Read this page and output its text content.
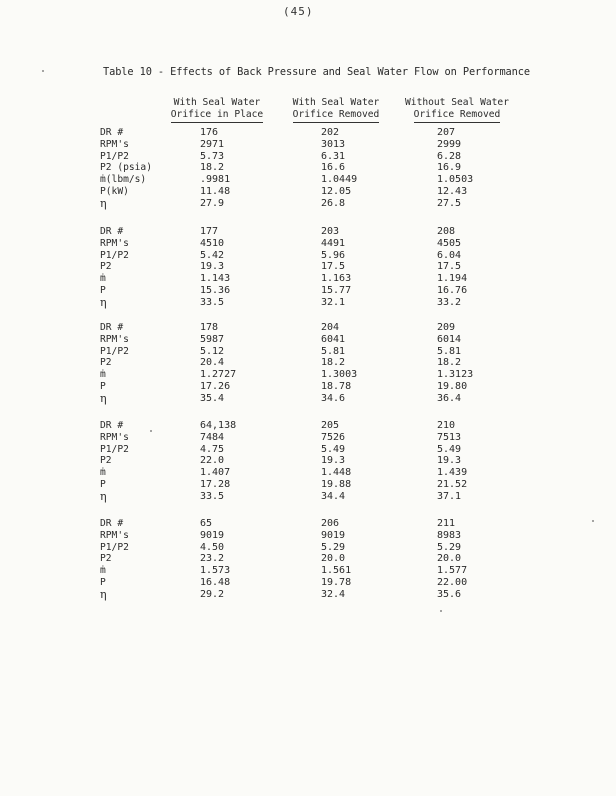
(45)
Table 10 - Effects of Back Pressure and Seal Water Flow on Performance
With Seal Water
Orifice in Place
With Seal Water
Orifice Removed
Without Seal Water
Orifice Removed
DR #	176	202	207
RPM's	2971	3013	2999
P1/P2	5.73	6.31	6.28
P2 (psia)	18.2	16.6	16.9
ṁ(lbm/s)	.9981	1.0449	1.0503
P(kW)	11.48	12.05	12.43
η	27.9	26.8	27.5
DR #	177	203	208
RPM's	4510	4491	4505
P1/P2	5.42	5.96	6.04
P2	19.3	17.5	17.5
ṁ	1.143	1.163	1.194
P	15.36	15.77	16.76
η	33.5	32.1	33.2
DR #	178	204	209
RPM's	5987	6041	6014
P1/P2	5.12	5.81	5.81
P2	20.4	18.2	18.2
ṁ	1.2727	1.3003	1.3123
P	17.26	18.78	19.80
η	35.4	34.6	36.4
DR #	64,138	205	210
RPM's	7484	7526	7513
P1/P2	4.75	5.49	5.49
P2	22.0	19.3	19.3
ṁ	1.407	1.448	1.439
P	17.28	19.88	21.52
η	33.5	34.4	37.1
DR #	65	206	211
RPM's	9019	9019	8983
P1/P2	4.50	5.29	5.29
P2	23.2	20.0	20.0
ṁ	1.573	1.561	1.577
P	16.48	19.78	22.00
η	29.2	32.4	35.6
